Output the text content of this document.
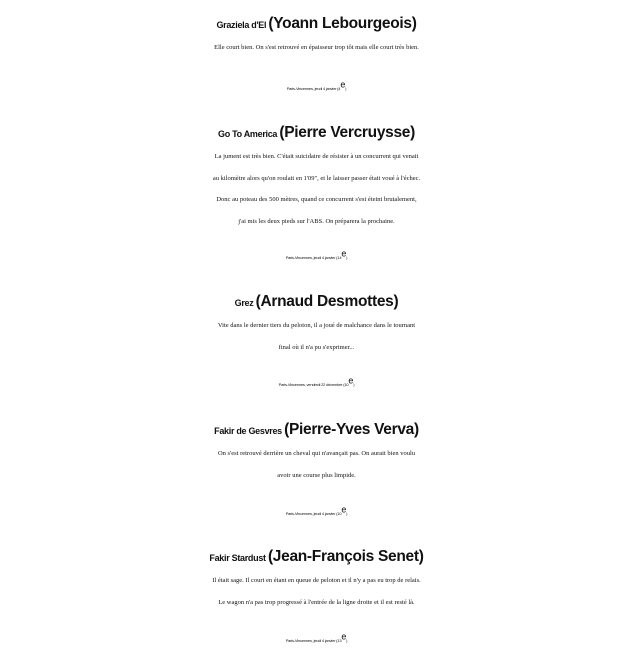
Graziela d'El (Yoann Lebourgeois)
Elle court bien. On s'est retrouvé en épaisseur trop tôt mais elle court très bien.
Paris-Vincennes, jeudi 4 janvier (4e)
Go To America (Pierre Vercruysse)
La jument est très bien. C'était suicidaire de résister à un concurrent qui venait
au kilomètre alors qu'on roulait en 1'09", et le laisser passer était voué à l'échec.
Donc au poteau des 500 mètres, quand ce concurrent s'est éteint brutalement,
j'ai mis les deux pieds sur l'ABS. On préparera la prochaine.
Paris-Vincennes, jeudi 4 janvier (14e)
Grez (Arnaud Desmottes)
Vite dans le dernier tiers du peloton, il a joué de malchance dans le tournant
final où il n'a pu s'exprimer...
Paris-Vincennes, vendredi 22 décembre (10e)
Fakir de Gesvres (Pierre-Yves Verva)
On s'est retrouvé derrière un cheval qui n'avançait pas. On aurait bien voulu
avoir une course plus limpide.
Paris-Vincennes, jeudi 4 janvier (10e)
Fakir Stardust (Jean-François Senet)
Il était sage. Il court en étant en queue de peloton et il n'y a pas eu trop de relais.
Le wagon n'a pas trop progressé à l'entrée de la ligne droite et il est resté là.
Paris-Vincennes, jeudi 4 janvier (13e)
